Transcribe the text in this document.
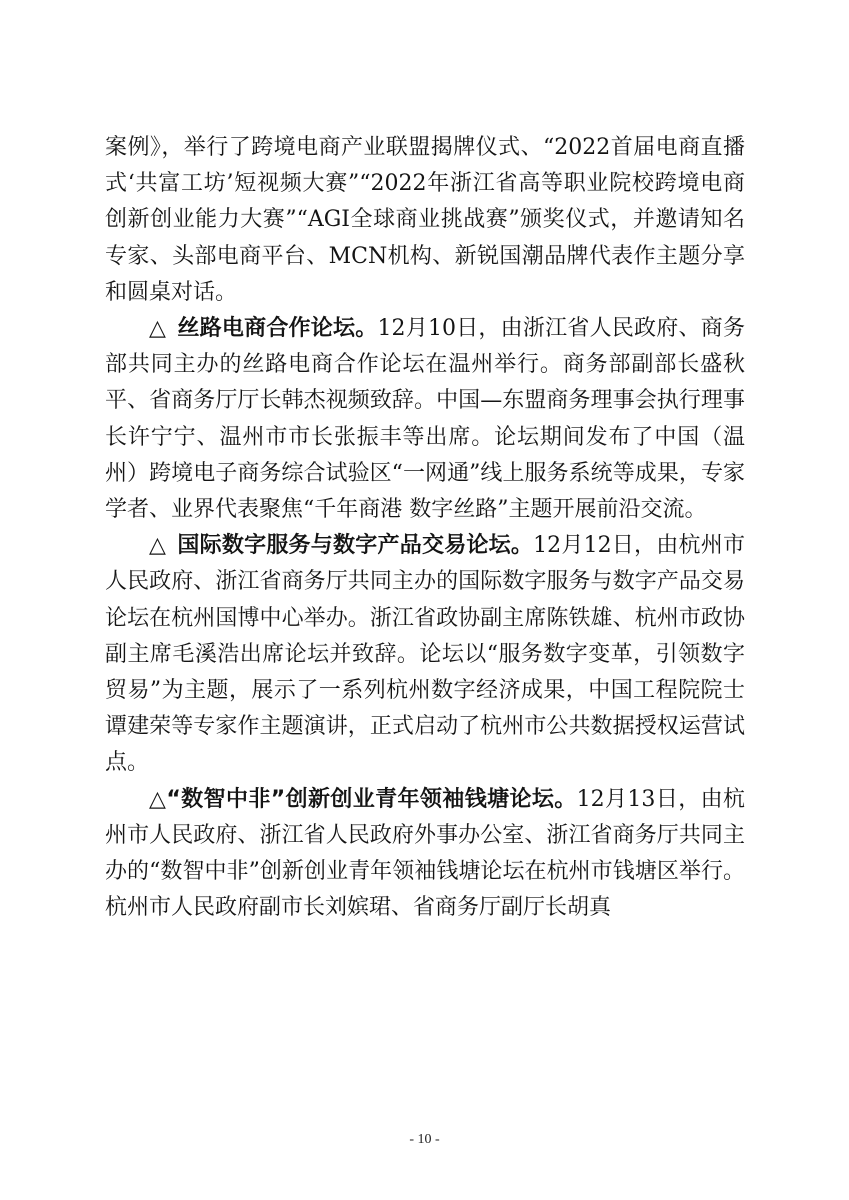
案例》，举行了跨境电商产业联盟揭牌仪式、“2022首届电商直播式‘共富工坊’短视频大赛”“2022年浙江省高等职业院校跨境电商创新创业能力大赛”“AGI全球商业挑战赛”颁奖仪式，并邀请知名专家、头部电商平台、MCN机构、新锐国潮品牌代表作主题分享和圆桌对话。

△  丝路电商合作论坛。12月10日，由浙江省人民政府、商务部共同主办的丝路电商合作论坛在温州举行。商务部副部长盛秋平、省商务厅厅长韩杰视频致辞。中国—东盟商务理事会执行理事长许宁宁、温州市市长张振丰等出席。论坛期间发布了中国（温州）跨境电子商务综合试验区“一网通”线上服务系统等成果，专家学者、业界代表聚焦“千年商港 数字丝路”主题开展前沿交流。

△  国际数字服务与数字产品交易论坛。12月12日，由杭州市人民政府、浙江省商务厅共同主办的国际数字服务与数字产品交易论坛在杭州国博中心举办。浙江省政协副主席陈铁雄、杭州市政协副主席毛溪浩出席论坛并致辞。论坛以“服务数字变革，引领数字贸易”为主题，展示了一系列杭州数字经济成果，中国工程院院士谭建荣等专家作主题演讲，正式启动了杭州市公共数据授权运营试点。

△“数智中非”创新创业青年领袖钱塘论坛。12月13日，由杭州市人民政府、浙江省人民政府外事办公室、浙江省商务厅共同主办的“数智中非”创新创业青年领袖钱塘论坛在杭州市钱塘区举行。杭州市人民政府副市长刘嫔珺、省商务厅副厅长胡真

- 10 -
